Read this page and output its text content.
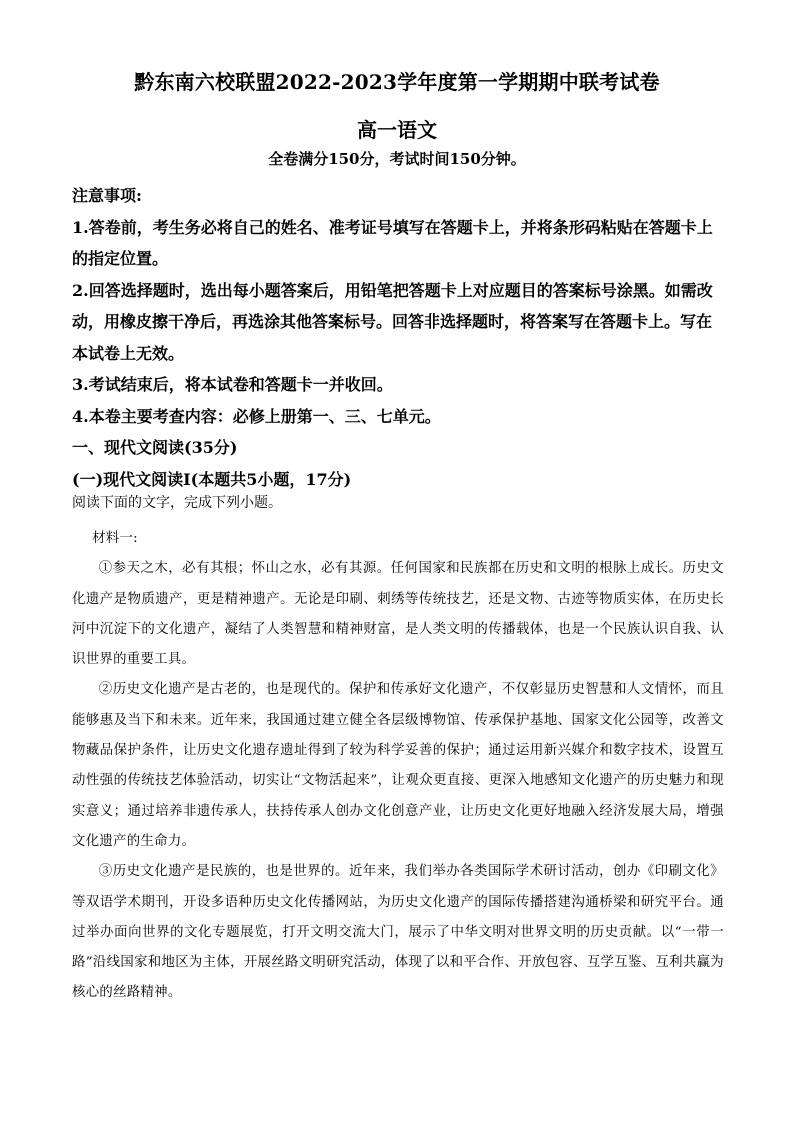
黔东南六校联盟2022-2023学年度第一学期期中联考试卷
高一语文
全卷满分150分，考试时间150分钟。

注意事项:

1.答卷前，考生务必将自己的姓名、准考证号填写在答题卡上，并将条形码粘贴在答题卡上的指定位置。

2.回答选择题时，选出每小题答案后，用铅笔把答题卡上对应题目的答案标号涂黑。如需改动，用橡皮擦干净后，再选涂其他答案标号。回答非选择题时，将答案写在答题卡上。写在本试卷上无效。

3.考试结束后，将本试卷和答题卡一并收回。

4.本卷主要考查内容：必修上册第一、三、七单元。

一、现代文阅读(35分)

(一)现代文阅读Ⅰ(本题共5小题，17分)

阅读下面的文字，完成下列小题。

材料一:

①参天之木，必有其根；怀山之水，必有其源。任何国家和民族都在历史和文明的根脉上成长。历史文化遗产是物质遗产，更是精神遗产。无论是印刷、刺绣等传统技艺，还是文物、古迹等物质实体，在历史长河中沉淀下的文化遗产，凝结了人类智慧和精神财富，是人类文明的传播载体，也是一个民族认识自我、认识世界的重要工具。

②历史文化遗产是古老的，也是现代的。保护和传承好文化遗产，不仅彰显历史智慧和人文情怀，而且能够惠及当下和未来。近年来，我国通过建立健全各层级博物馆、传承保护基地、国家文化公园等，改善文物藏品保护条件，让历史文化遗存遗址得到了较为科学妥善的保护；通过运用新兴媒介和数字技术，设置互动性强的传统技艺体验活动，切实让“文物活起来”，让观众更直接、更深入地感知文化遗产的历史魅力和现实意义；通过培养非遗传承人，扶持传承人创办文化创意产业，让历史文化更好地融入经济发展大局，增强文化遗产的生命力。

③历史文化遗产是民族的，也是世界的。近年来，我们举办各类国际学术研讨活动，创办《印刷文化》等双语学术期刊，开设多语种历史文化传播网站，为历史文化遗产的国际传播搭建沟通桥梁和研究平台。通过举办面向世界的文化专题展览，打开文明交流大门，展示了中华文明对世界文明的历史贡献。以“一带一路”沿线国家和地区为主体，开展丝路文明研究活动，体现了以和平合作、开放包容、互学互鉴、互利共赢为核心的丝路精神。
